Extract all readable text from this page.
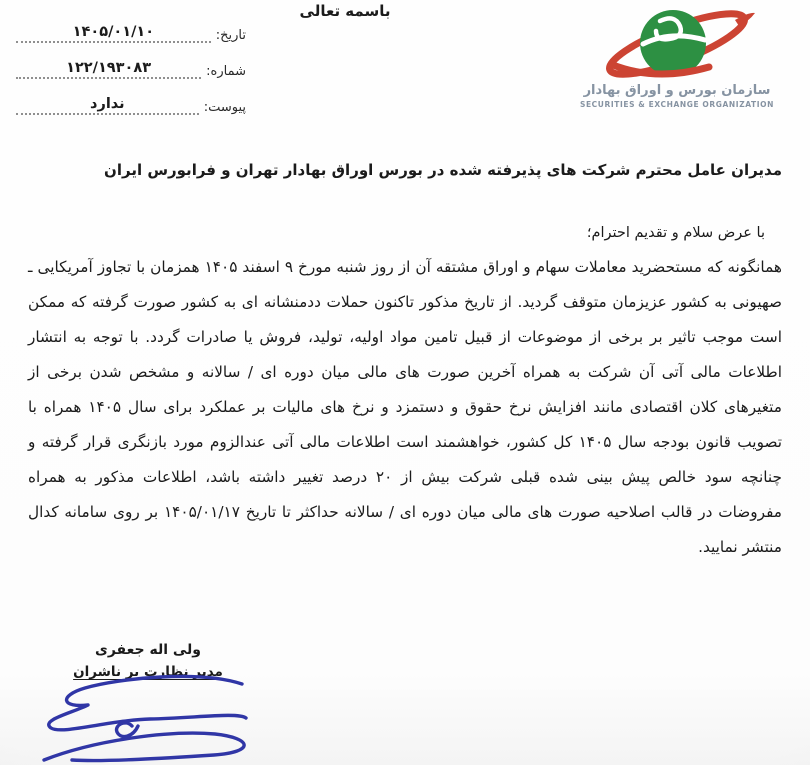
تاریخ:
۱۴۰۵/۰۱/۱۰
شماره:
۱۲۲/۱۹۳۰۸۳
پیوست:
ندارد
باسمه تعالی
سازمان بورس و اوراق بهادار
SECURITIES & EXCHANGE ORGANIZATION
مدیران عامل محترم شرکت های پذیرفته شده در بورس اوراق بهادار تهران و فرابورس ایران
با عرض سلام و تقدیم احترام؛
همانگونه که مستحضرید معاملات سهام و اوراق مشتقه آن از روز شنبه مورخ ۹ اسفند ۱۴۰۵ همزمان با تجاوز آمریکایی ـ صهیونی به کشور عزیزمان متوقف گردید. از تاریخ مذکور تاکنون حملات ددمنشانه ای به کشور صورت گرفته که ممکن است موجب تاثیر بر برخی از موضوعات از قبیل تامین مواد اولیه، تولید، فروش یا صادرات گردد. با توجه به انتشار اطلاعات مالی آتی آن شرکت به همراه آخرین صورت های مالی میان دوره ای / سالانه و مشخص شدن برخی از متغیرهای کلان اقتصادی مانند افزایش نرخ حقوق و دستمزد و نرخ های مالیات بر عملکرد برای سال ۱۴۰۵ همراه با تصویب قانون بودجه سال ۱۴۰۵ کل کشور، خواهشمند است اطلاعات مالی آتی عندالزوم مورد بازنگری قرار گرفته و چنانچه سود خالص پیش بینی شده قبلی شرکت بیش از ۲۰ درصد تغییر داشته باشد، اطلاعات مذکور به همراه مفروضات در قالب اصلاحیه صورت های مالی میان دوره ای / سالانه حداکثر تا تاریخ ۱۴۰۵/۰۱/۱۷ بر روی سامانه کدال منتشر نمایید.
ولی اله جعفری
مدیر نظارت بر ناشران
